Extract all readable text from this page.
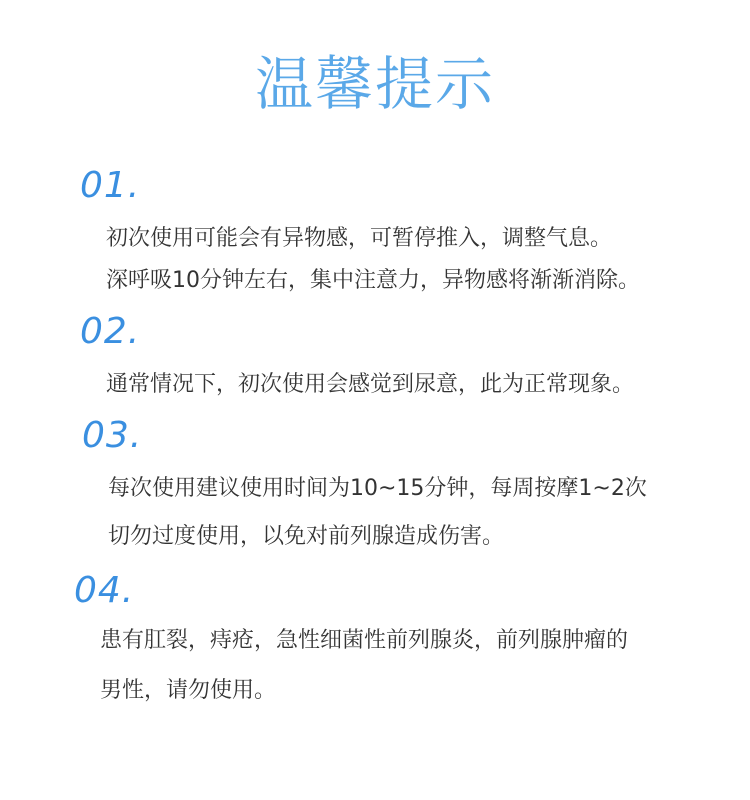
温馨提示
01.
初次使用可能会有异物感，可暂停推入，调整气息。
深呼吸10分钟左右，集中注意力，异物感将渐渐消除。
02.
通常情况下，初次使用会感觉到尿意，此为正常现象。
03.
每次使用建议使用时间为10~15分钟，每周按摩1~2次
切勿过度使用，以免对前列腺造成伤害。
04.
患有肛裂，痔疮，急性细菌性前列腺炎，前列腺肿瘤的
男性，请勿使用。
